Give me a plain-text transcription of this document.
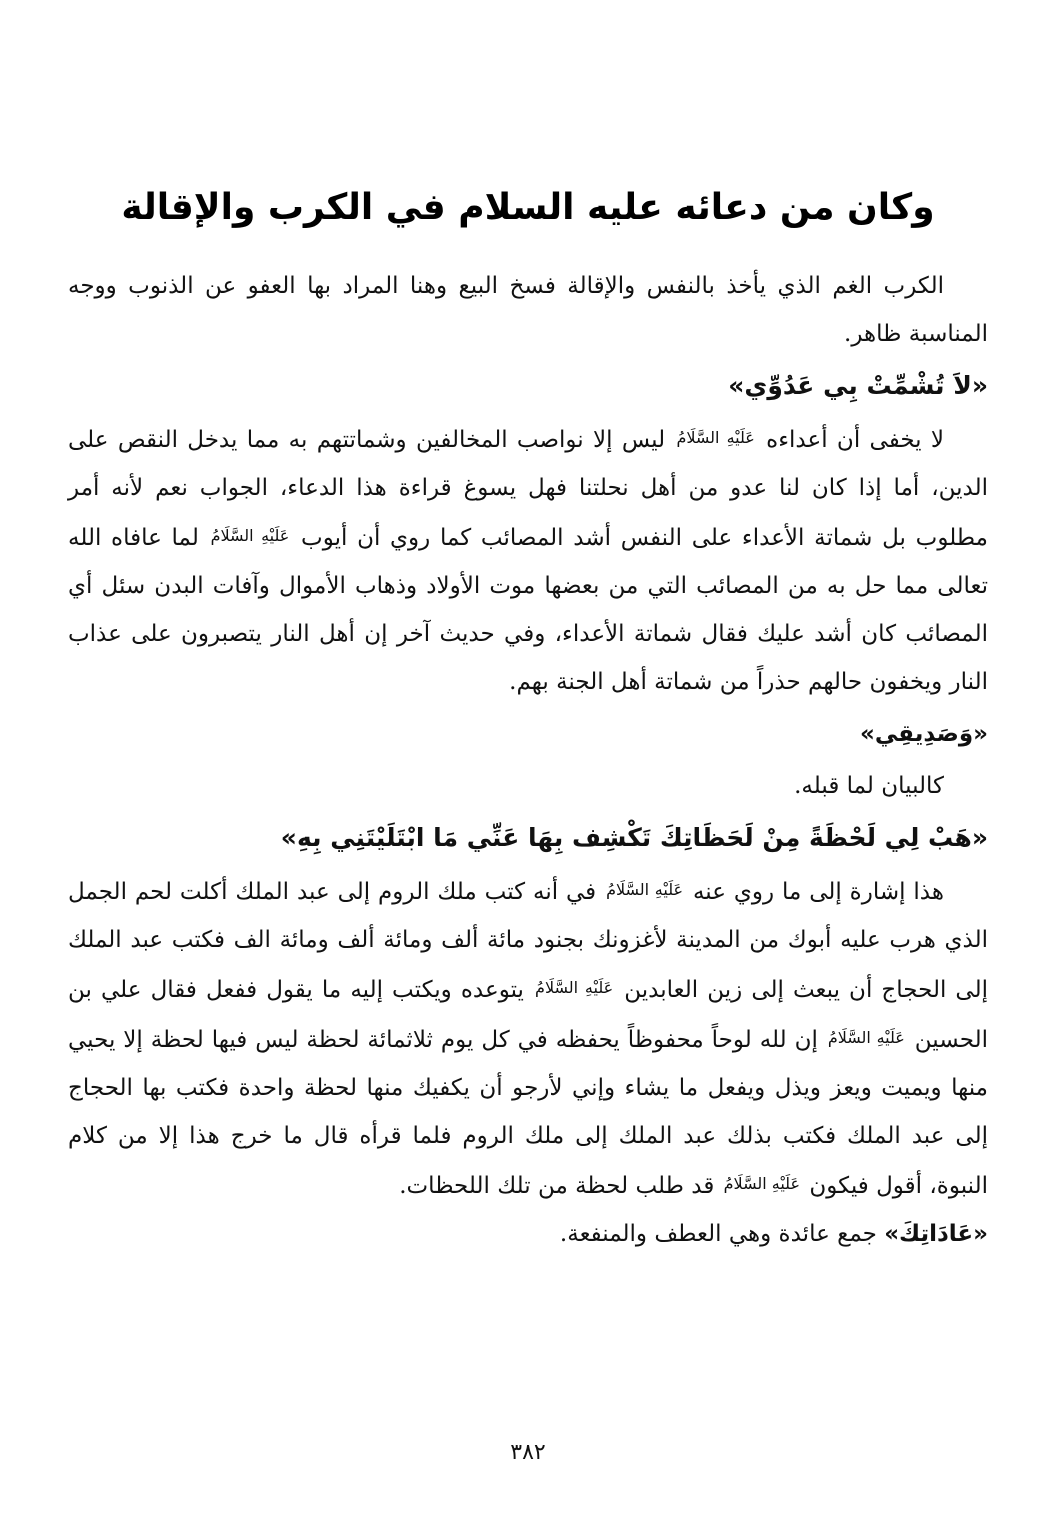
وكان من دعائه عليه السلام في الكرب والإقالة

الكرب الغم الذي يأخذ بالنفس والإقالة فسخ البيع وهنا المراد بها العفو عن الذنوب ووجه المناسبة ظاهر.

«لاَ تُشْمِّتْ بِي عَدُوِّي»

لا يخفى أن أعداءه عَلَيْهِ السَّلَامُ ليس إلا نواصب المخالفين وشماتتهم به مما يدخل النقص على الدين، أما إذا كان لنا عدو من أهل نحلتنا فهل يسوغ قراءة هذا الدعاء، الجواب نعم لأنه أمر مطلوب بل شماتة الأعداء على النفس أشد المصائب كما روي أن أيوب عَلَيْهِ السَّلَامُ لما عافاه الله تعالى مما حل به من المصائب التي من بعضها موت الأولاد وذهاب الأموال وآفات البدن سئل أي المصائب كان أشد عليك فقال شماتة الأعداء، وفي حديث آخر إن أهل النار يتصبرون على عذاب النار ويخفون حالهم حذراً من شماتة أهل الجنة بهم.

«وَصَدِيقِي»

كالبيان لما قبله.

«هَبْ لِي لَحْظَةً مِنْ لَحَظَاتِكَ تَكْشِف بِهَا عَنِّي مَا ابْتَلَيْتَنِي بِهِ»

هذا إشارة إلى ما روي عنه عَلَيْهِ السَّلَامُ في أنه كتب ملك الروم إلى عبد الملك أكلت لحم الجمل الذي هرب عليه أبوك من المدينة لأغزونك بجنود مائة ألف ومائة ألف ومائة الف فكتب عبد الملك إلى الحجاج أن يبعث إلى زين العابدين عَلَيْهِ السَّلَامُ يتوعده ويكتب إليه ما يقول ففعل فقال علي بن الحسين عَلَيْهِ السَّلَامُ إن لله لوحاً محفوظاً يحفظه في كل يوم ثلاثمائة لحظة ليس فيها لحظة إلا يحيي منها ويميت ويعز ويذل ويفعل ما يشاء وإني لأرجو أن يكفيك منها لحظة واحدة فكتب بها الحجاج إلى عبد الملك فكتب بذلك عبد الملك إلى ملك الروم فلما قرأه قال ما خرج هذا إلا من كلام النبوة، أقول فيكون عَلَيْهِ السَّلَامُ قد طلب لحظة من تلك اللحظات.

«عَادَاتِكَ» جمع عائدة وهي العطف والمنفعة.

٣٨٢
